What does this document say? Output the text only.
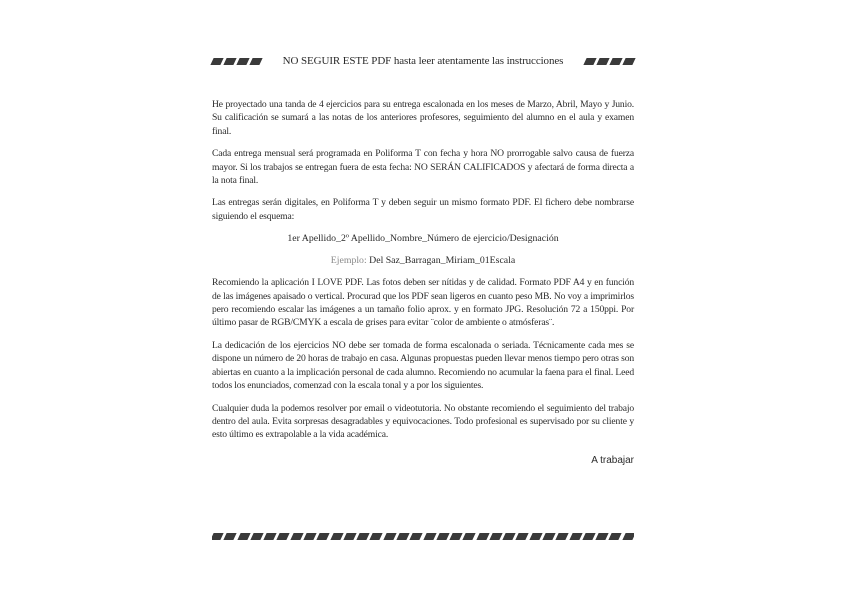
NO SEGUIR ESTE PDF hasta leer atentamente las instrucciones

He proyectado una tanda de 4 ejercicios para su entrega escalonada en los meses de Marzo, Abril, Mayo y Junio. Su calificación se sumará a las notas de los anteriores profesores, seguimiento del alumno en el aula y examen final.

Cada entrega mensual será programada en Poliforma T con fecha y hora NO prorrogable salvo causa de fuerza mayor. Si los trabajos se entregan fuera de esta fecha: NO SERÁN CALIFICADOS y afectará de forma directa a la nota final.

Las entregas serán digitales, en Poliforma T y deben seguir un mismo formato PDF. El fichero debe nombrarse siguiendo el esquema:

1er Apellido_2º Apellido_Nombre_Número de ejercicio/Designación
Ejemplo: Del Saz_Barragan_Miriam_01Escala

Recomiendo la aplicación I LOVE PDF. Las fotos deben ser nítidas y de calidad. Formato PDF A4 y en función de las imágenes apaisado o vertical. Procurad que los PDF sean ligeros en cuanto peso MB. No voy a imprimirlos pero recomiendo escalar las imágenes a un tamaño folio aprox. y en formato JPG. Resolución 72 a 150ppi. Por último pasar de RGB/CMYK a escala de grises para evitar ¨color de ambiente o atmósferas¨.

La dedicación de los ejercicios NO debe ser tomada de forma escalonada o seriada. Técnicamente cada mes se dispone un número de 20 horas de trabajo en casa. Algunas propuestas pueden llevar menos tiempo pero otras son abiertas en cuanto a la implicación personal de cada alumno. Recomiendo no acumular la faena para el final. Leed todos los enunciados, comenzad con la escala tonal y a por los siguientes.

Cualquier duda la podemos resolver por email o videotutoria. No obstante recomiendo el seguimiento del trabajo dentro del aula. Evita sorpresas desagradables y equivocaciones. Todo profesional es supervisado por su cliente y esto último es extrapolable a la vida académica.

A trabajar
